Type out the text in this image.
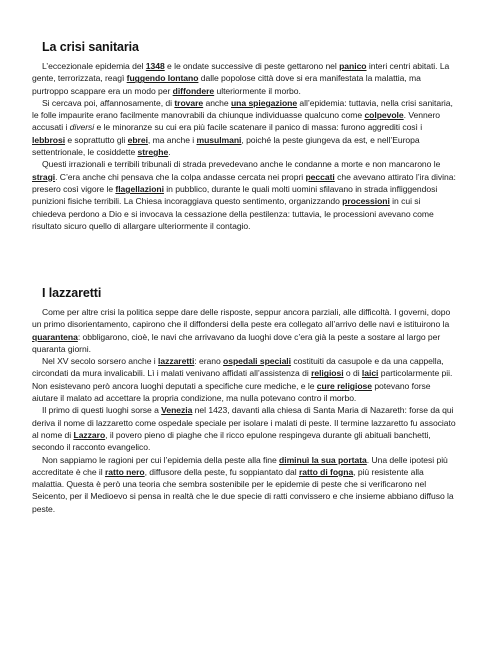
La crisi sanitaria

L’eccezionale epidemia del 1348 e le ondate successive di peste gettarono nel panico interi centri abitati. La gente, terrorizzata, reagì fuggendo lontano dalle popolose città dove si era manifestata la malattia, ma purtroppo scappare era un modo per diffondere ulteriormente il morbo.

Si cercava poi, affannosamente, di trovare anche una spiegazione all’epidemia: tuttavia, nella crisi sanitaria, le folle impaurite erano facilmente manovrabili da chiunque individuasse qualcuno come colpevole. Vennero accusati i diversi e le minoranze su cui era più facile scatenare il panico di massa: furono aggrediti così i lebbrosi e soprattutto gli ebrei, ma anche i musulmani, poiché la peste giungeva da est, e nell’Europa settentrionale, le cosiddette streghe.

Questi irrazionali e terribili tribunali di strada prevedevano anche le condanne a morte e non mancarono le stragi. C’era anche chi pensava che la colpa andasse cercata nei propri peccati che avevano attirato l’ira divina: presero così vigore le flagellazioni in pubblico, durante le quali molti uomini sfilavano in strada infliggendosi punizioni fisiche terribili. La Chiesa incoraggiava questo sentimento, organizzando processioni in cui si chiedeva perdono a Dio e si invocava la cessazione della pestilenza: tuttavia, le processioni avevano come risultato sicuro quello di allargare ulteriormente il contagio.

I lazzaretti

Come per altre crisi la politica seppe dare delle risposte, seppur ancora parziali, alle difficoltà. I governi, dopo un primo disorientamento, capirono che il diffondersi della peste era collegato all’arrivo delle navi e istituirono la quarantena: obbligarono, cioè, le navi che arrivavano da luoghi dove c’era già la peste a sostare al largo per quaranta giorni.

Nel XV secolo sorsero anche i lazzaretti: erano ospedali speciali costituiti da casupole e da una cappella, circondati da mura invalicabili. Lì i malati venivano affidati all’assistenza di religiosi o di laici particolarmente pii. Non esistevano però ancora luoghi deputati a specifiche cure mediche, e le cure religiose potevano forse aiutare il malato ad accettare la propria condizione, ma nulla potevano contro il morbo.

Il primo di questi luoghi sorse a Venezia nel 1423, davanti alla chiesa di Santa Maria di Nazareth: forse da qui deriva il nome di lazzaretto come ospedale speciale per isolare i malati di peste. Il termine lazzaretto fu associato al nome di Lazzaro, il povero pieno di piaghe che il ricco epulone respingeva durante gli abituali banchetti, secondo il racconto evangelico.

Non sappiamo le ragioni per cui l’epidemia della peste alla fine diminuì la sua portata. Una delle ipotesi più accreditate è che il ratto nero, diffusore della peste, fu soppiantato dal ratto di fogna, più resistente alla malattia. Questa è però una teoria che sembra sostenibile per le epidemie di peste che si verificarono nel Seicento, per il Medioevo si pensa in realtà che le due specie di ratti convissero e che insieme abbiano diffuso la peste.
